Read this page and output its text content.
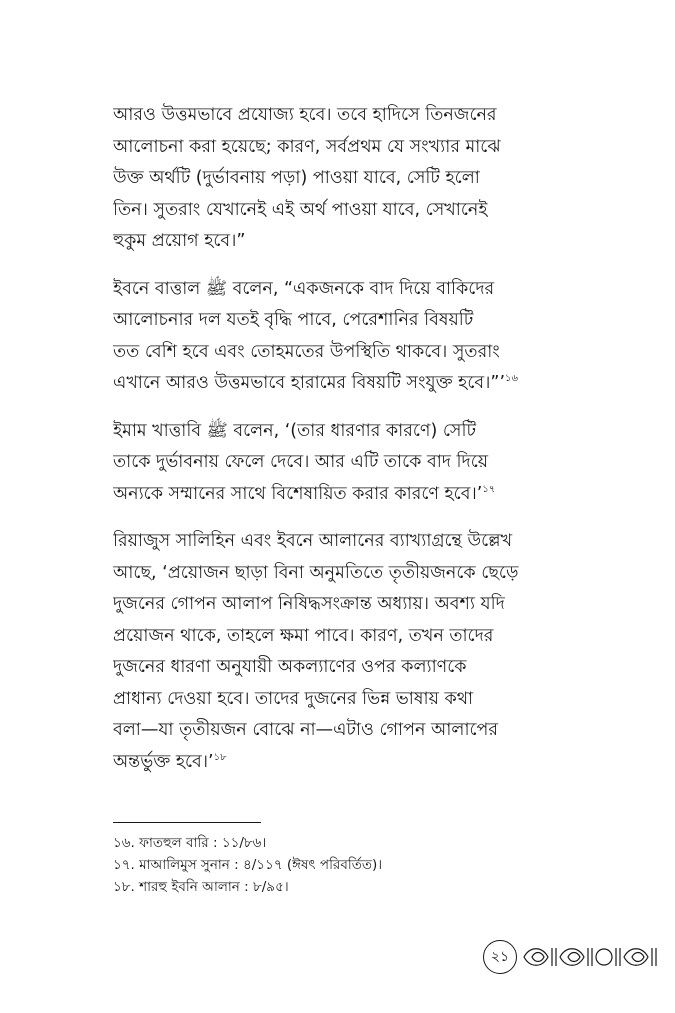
আরও উত্তমভাবে প্রযোজ্য হবে। তবে হাদিসে তিনজনের
আলোচনা করা হয়েছে; কারণ, সর্বপ্রথম যে সংখ্যার মাঝে
উক্ত অর্থটি (দুর্ভাবনায় পড়া) পাওয়া যাবে, সেটি হলো
তিন। সুতরাং যেখানেই এই অর্থ পাওয়া যাবে, সেখানেই
হুকুম প্রয়োগ হবে।”

ইবনে বাত্তাল ﷺ বলেন, “একজনকে বাদ দিয়ে বাকিদের
আলোচনার দল যতই বৃদ্ধি পাবে, পেরেশানির বিষয়টি
তত বেশি হবে এবং তোহমতের উপস্থিতি থাকবে। সুতরাং
এখানে আরও উত্তমভাবে হারামের বিষয়টি সংযুক্ত হবে।”’$^{১৬}$

ইমাম খাত্তাবি ﷺ বলেন, ‘(তার ধারণার কারণে) সেটি
তাকে দুর্ভাবনায় ফেলে দেবে। আর এটি তাকে বাদ দিয়ে
অন্যকে সম্মানের সাথে বিশেষায়িত করার কারণে হবে।’$^{১৭}$

রিয়াজুস সালিহিন এবং ইবনে আলানের ব্যাখ্যাগ্রন্থে উল্লেখ
আছে, ‘প্রয়োজন ছাড়া বিনা অনুমতিতে তৃতীয়জনকে ছেড়ে
দুজনের গোপন আলাপ নিষিদ্ধসংক্রান্ত অধ্যায়। অবশ্য যদি
প্রয়োজন থাকে, তাহলে ক্ষমা পাবে। কারণ, তখন তাদের
দুজনের ধারণা অনুযায়ী অকল্যাণের ওপর কল্যাণকে
প্রাধান্য দেওয়া হবে। তাদের দুজনের ভিন্ন ভাষায় কথা
বলা—যা তৃতীয়জন বোঝে না—এটাও গোপন আলাপের
অন্তর্ভুক্ত হবে।’$^{১৮}$

১৬. ফাতহুল বারি : ১১/৮৬।
১৭. মাআলিমুস সুনান : ৪/১১৭ (ঈষৎ পরিবর্তিত)।
১৮. শারহু ইবনি আলান : ৮/৯৫।
২১
